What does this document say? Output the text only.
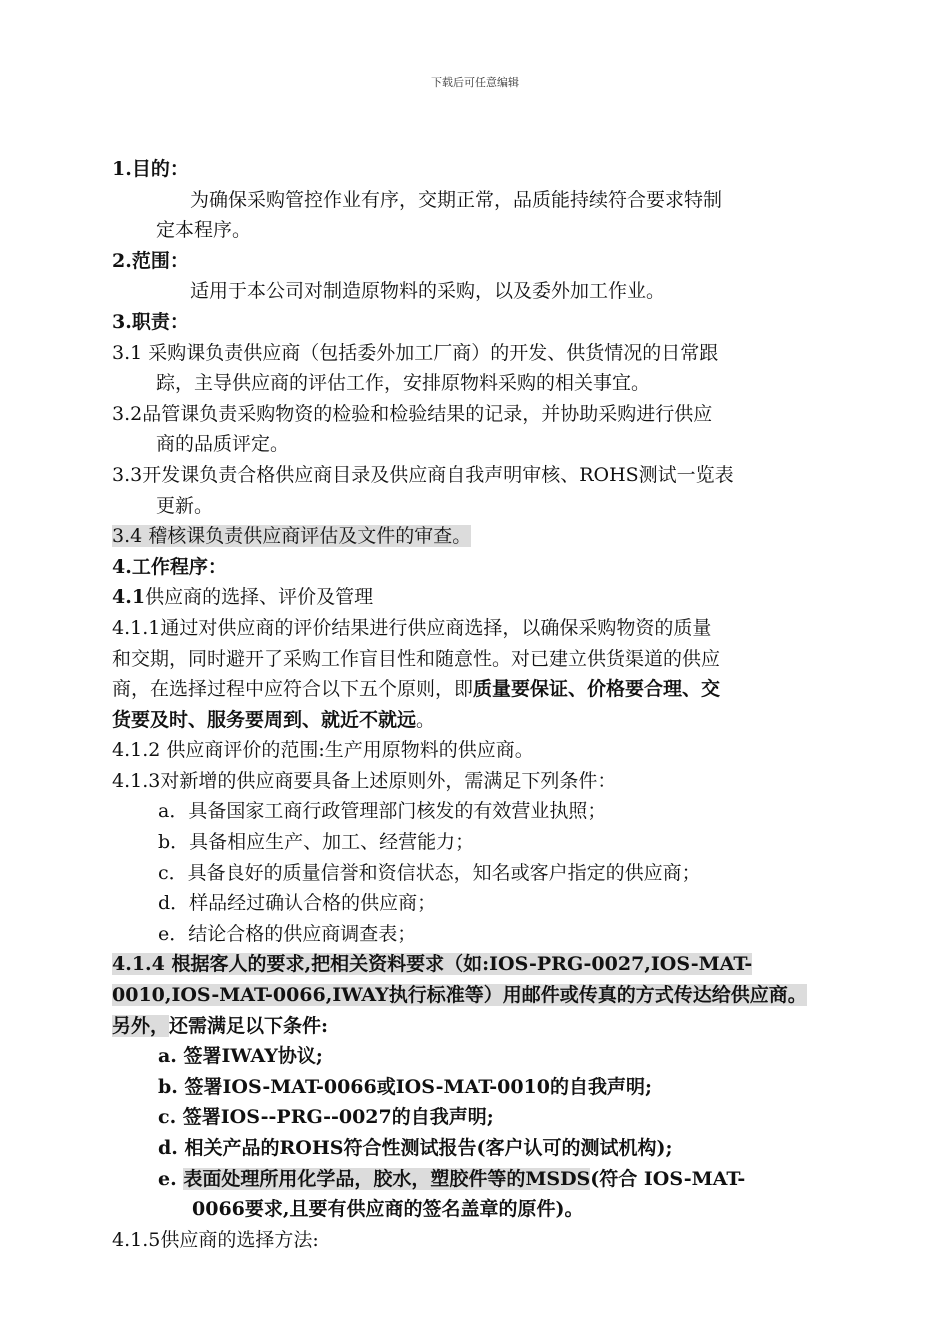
下载后可任意编辑
1.目的：
为确保采购管控作业有序，交期正常，品质能持续符合要求特制
定本程序。
2.范围：
适用于本公司对制造原物料的采购，以及委外加工作业。
3.职责：
3.1 采购课负责供应商（包括委外加工厂商）的开发、供货情况的日常跟
踪，主导供应商的评估工作，安排原物料采购的相关事宜。
3.2品管课负责采购物资的检验和检验结果的记录，并协助采购进行供应
商的品质评定。
3.3开发课负责合格供应商目录及供应商自我声明审核、ROHS测试一览表
更新。
3.4 稽核课负责供应商评估及文件的审查。
4.工作程序：
4.1供应商的选择、评价及管理
4.1.1通过对供应商的评价结果进行供应商选择，以确保采购物资的质量
和交期，同时避开了采购工作盲目性和随意性。对已建立供货渠道的供应
商，在选择过程中应符合以下五个原则，即质量要保证、价格要合理、交
货要及时、服务要周到、就近不就远。
4.1.2 供应商评价的范围:生产用原物料的供应商。
4.1.3对新增的供应商要具备上述原则外，需满足下列条件：
a．具备国家工商行政管理部门核发的有效营业执照；
b．具备相应生产、加工、经营能力；
c．具备良好的质量信誉和资信状态，知名或客户指定的供应商；
d．样品经过确认合格的供应商；
e．结论合格的供应商调查表；
4.1.4 根据客人的要求,把相关资料要求（如:IOS-PRG-0027,IOS-MAT-
0010,IOS-MAT-0066,IWAY执行标准等）用邮件或传真的方式传达给供应商。
另外，还需满足以下条件:
a. 签署IWAY协议;
b. 签署IOS-MAT-0066或IOS-MAT-0010的自我声明;
c. 签署IOS--PRG--0027的自我声明;
d. 相关产品的ROHS符合性测试报告(客户认可的测试机构);
e. 表面处理所用化学品，胶水，塑胶件等的MSDS(符合 IOS-MAT-
0066要求,且要有供应商的签名盖章的原件)。
4.1.5供应商的选择方法:
